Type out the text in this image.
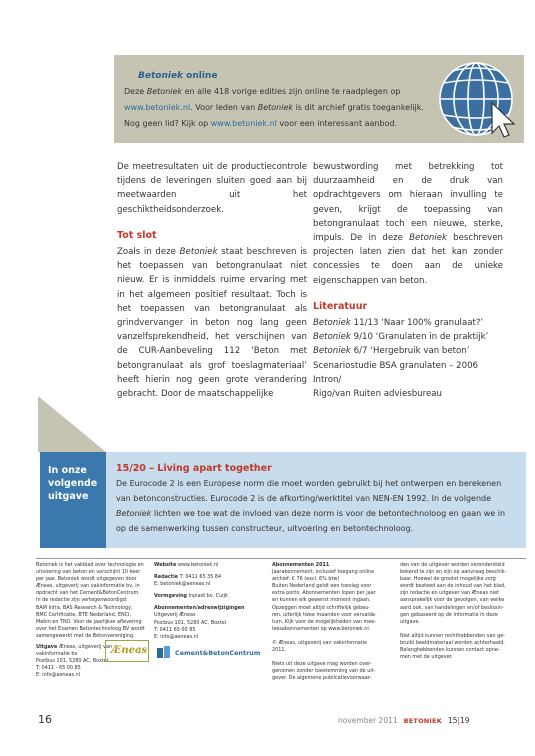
Betoniek online
Deze Betoniek en alle 418 vorige edities zijn online te raadplegen op
www.betoniek.nl. Voor leden van Betoniek is dit archief gratis toegankelijk.
Nog geen lid? Kijk op www.betoniek.nl voor een interessant aanbod.

De meetresultaten uit de productiecontrole tijdens de leveringen sluiten goed aan bij meetwaarden uit het geschiktheidsonderzoek.

Tot slot

Zoals in deze Betoniek staat beschreven is het toepassen van betongranulaat niet nieuw. Er is inmiddels ruime ervaring met in het algemeen positief resultaat. Toch is het toepassen van betongranulaat als grindvervanger in beton nog lang geen vanzelfsprekendheid, het verschijnen van de CUR-Aanbeveling 112 ‘Beton met betongranulaat als grof toeslagmateriaal’ heeft hierin nog geen grote verandering gebracht. Door de maatschappelijke

bewustwording met betrekking tot duurzaamheid en de druk van opdrachtgevers om hieraan invulling te geven, krijgt de toepassing van betongranulaat toch een nieuwe, sterke, impuls. De in deze Betoniek beschreven projecten laten zien dat het kan zonder concessies te doen aan de unieke eigenschappen van beton.

Literatuur
Betoniek 11/13 ‘Naar 100% granulaat?’
Betoniek 9/10 ‘Granulaten in de praktijk’
Betoniek 6/7 ‘Hergebruik van beton’
Scenariostudie BSA granulaten – 2006 Intron/
Rigo/van Ruiten adviesbureau
In onze
volgende
uitgave
15/20 – Living apart together
De Eurocode 2 is een Europese norm die moet worden gebruikt bij het ontwerpen en berekenen
van betonconstructies. Eurocode 2 is de afkorting/werktitel van NEN-EN 1992. In de volgende
Betoniek lichten we toe wat de invloed van deze norm is voor de betontechnoloog en gaan we in
op de samenwerking tussen constructeur, uitvoering en betontechnoloog.
Betoniek is het vakblad over technologie en
uitvoering van beton en verschijnt 10 keer
per jaar. Betoniek wordt uitgegeven door
Æneas, uitgeverij van vakinformatie bv, in
opdracht van het Cement&BetonCentrum.
In de redactie zijn vertegenwoordigd:
BAM Infra, BAS Research & Technology,
BMC Certificatie, BTE Nederland, ENCI,
Mebin en TNO. Voor de jaarlijkse aflevering
over het Examen Betontechnoloog BV wordt
samengewerkt met de Betonvereniging.
Uitgave Æneas, uitgeverij van
vakinformatie bv
Postbus 101, 5280 AC, Boxtel
T: 0411 - 65 00 85
E: info@aeneas.nl
Website www.betoniek.nl
Redactie T: 0411 65 35 84
E: betoniek@aeneas.nl
Vormgeving Inpladi bv, Cuijk
Abonnementen/adreswijzigingen
Uitgeverij Æneas
Postbus 101, 5280 AC, Boxtel
T: 0411 65 00 85
E: info@aeneas.nl
Abonnementen 2011
Jaarabonnement, inclusief toegang online
archief: € 76 (excl. 6% btw)
Buiten Nederland geldt een toeslag voor
extra porto. Abonnementen lopen per jaar
en kunnen elk gewenst moment ingaan.
Opzeggen moet altijd schriftelijk gebeu-
ren, uiterlijk twee maanden voor vervalda-
tum. Kijk voor de mogelijkheden van mee-
leesabonnementen op www.betoniek.nl.
© Æneas, uitgeverij van vakinformatie
2011.
Niets uit deze uitgave mag worden over-
genomen zonder toestemming van de uit-
gever. De algemene publicatievoorwaar-
den van de uitgever worden verondersteld
bekend te zijn en zijn op aanvraag beschik-
baar. Hoewel de grootst mogelijke zorg
wordt besteed aan de inhoud van het blad,
zijn redactie en uitgever van Æneas niet
aansprakelijk voor de gevolgen, van welke
aard ook, van handelingen en/of beslissin-
gen gebaseerd op de informatie in deze
uitgave.
Niet altijd kunnen rechthebbenden van ge-
bruikt beeldmateriaal worden achterhaald.
Belanghebbenden kunnen contact opne-
men met de uitgever.
Æneas	Cement&BetonCentrum
16	november 2011 BETONIEK 15|19
